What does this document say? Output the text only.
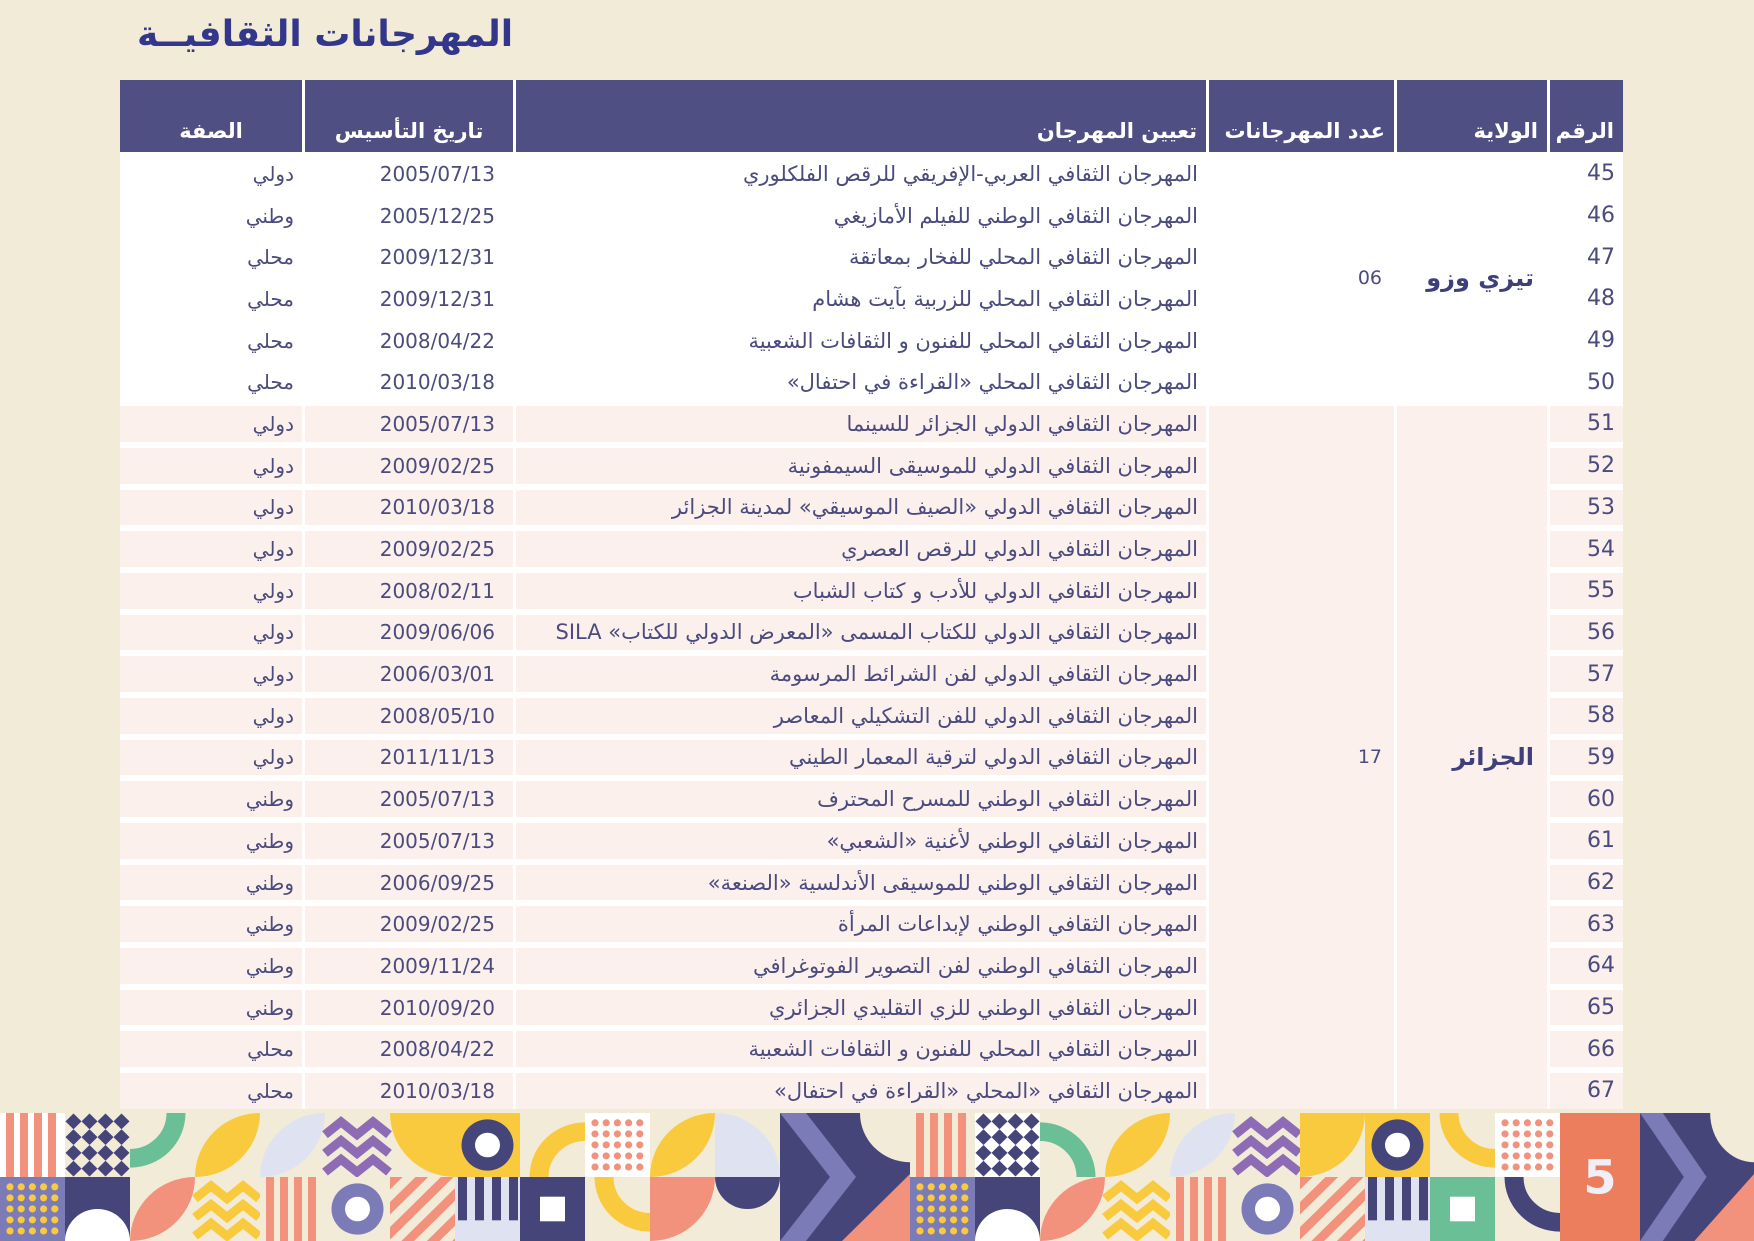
المهرجانات الثقافيــة
الرقم
الولاية
عدد المهرجانات
تعيين المهرجان
تاريخ التأسيس
الصفة
تيزي وزو
06
45
المهرجان الثقافي العربي-الإفريقي للرقص الفلكلوري
2005/07/13
دولي
46
المهرجان الثقافي الوطني للفيلم الأمازيغي
2005/12/25
وطني
47
المهرجان الثقافي المحلي للفخار بمعاتقة
2009/12/31
محلي
48
المهرجان الثقافي المحلي للزربية بآيت هشام
2009/12/31
محلي
49
المهرجان الثقافي المحلي للفنون و الثقافات الشعبية
2008/04/22
محلي
50
المهرجان الثقافي المحلي «القراءة في احتفال»
2010/03/18
محلي
الجزائر
17
51
المهرجان الثقافي الدولي الجزائر للسينما
2005/07/13
دولي
52
المهرجان الثقافي الدولي للموسيقى السيمفونية
2009/02/25
دولي
53
المهرجان الثقافي الدولي «الصيف الموسيقي» لمدينة الجزائر
2010/03/18
دولي
54
المهرجان الثقافي الدولي للرقص العصري
2009/02/25
دولي
55
المهرجان الثقافي الدولي للأدب و كتاب الشباب
2008/02/11
دولي
56
المهرجان الثقافي الدولي للكتاب المسمى «المعرض الدولي للكتاب» SILA
2009/06/06
دولي
57
المهرجان الثقافي الدولي لفن الشرائط المرسومة
2006/03/01
دولي
58
المهرجان الثقافي الدولي للفن التشكيلي المعاصر
2008/05/10
دولي
59
المهرجان الثقافي الدولي لترقية المعمار الطيني
2011/11/13
دولي
60
المهرجان الثقافي الوطني للمسرح المحترف
2005/07/13
وطني
61
المهرجان الثقافي الوطني لأغنية «الشعبي»
2005/07/13
وطني
62
المهرجان الثقافي الوطني للموسيقى الأندلسية «الصنعة»
2006/09/25
وطني
63
المهرجان الثقافي الوطني لإبداعات المرأة
2009/02/25
وطني
64
المهرجان الثقافي الوطني لفن التصوير الفوتوغرافي
2009/11/24
وطني
65
المهرجان الثقافي الوطني للزي التقليدي الجزائري
2010/09/20
وطني
66
المهرجان الثقافي المحلي للفنون و الثقافات الشعبية
2008/04/22
محلي
67
المهرجان الثقافي «المحلي «القراءة في احتفال»
2010/03/18
محلي
5
